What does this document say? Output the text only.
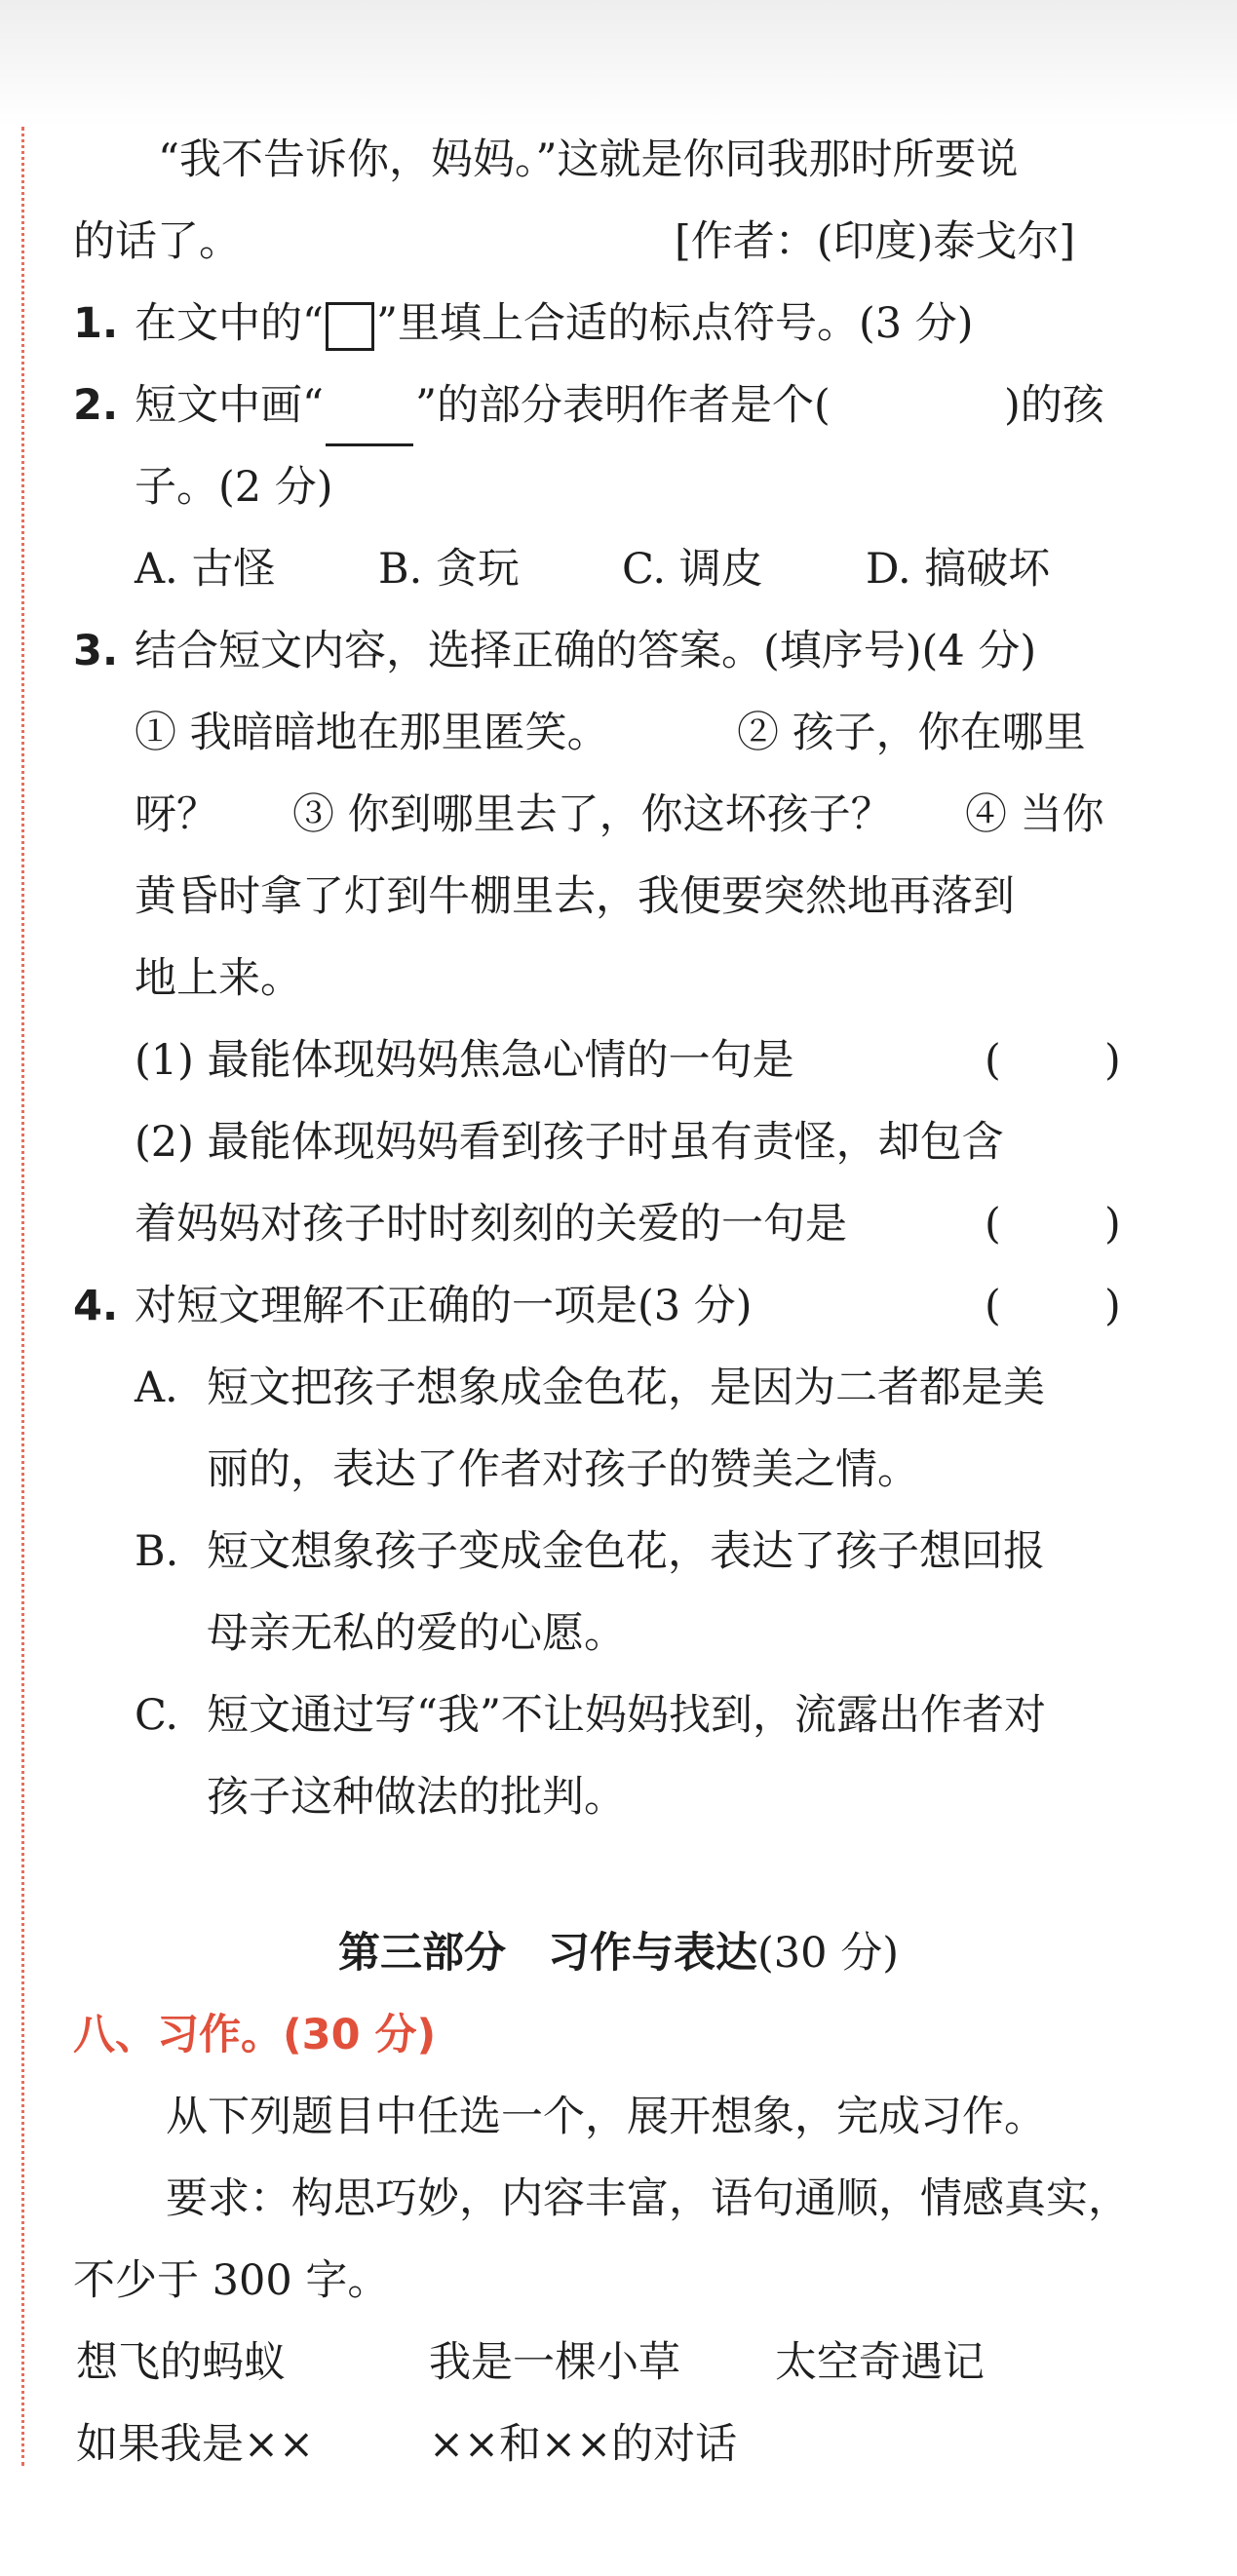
“我不告诉你，妈妈。”这就是你同我那时所要说
的话了。	[作者：(印度)泰戈尔]
1. 在文中的“ ”里填上合适的标点符号。(3 分)
2. 短文中画“ ”的部分表明作者是个(	)的孩
子。(2 分)
A. 古怪 B. 贪玩 C. 调皮 D. 搞破坏
3. 结合短文内容，选择正确的答案。(填序号)(4 分)
① 我暗暗地在那里匿笑。	② 孩子，你在哪里
呀？ ③ 你到哪里去了，你这坏孩子？ ④ 当你
黄昏时拿了灯到牛棚里去，我便要突然地再落到
地上来。
(1) 最能体现妈妈焦急心情的一句是	( )
(2) 最能体现妈妈看到孩子时虽有责怪，却包含
着妈妈对孩子时时刻刻的关爱的一句是	( )
4. 对短文理解不正确的一项是(3 分)	( )
A. 短文把孩子想象成金色花，是因为二者都是美
丽的，表达了作者对孩子的赞美之情。
B. 短文想象孩子变成金色花，表达了孩子想回报
母亲无私的爱的心愿。
C. 短文通过写“我”不让妈妈找到，流露出作者对
孩子这种做法的批判。
第三部分　习作与表达(30 分)
八、习作。(30 分)
从下列题目中任选一个，展开想象，完成习作。
要求：构思巧妙，内容丰富，语句通顺，情感真实，
不少于 300 字。
想飞的蚂蚁	我是一棵小草 太空奇遇记
如果我是××	××和××的对话
